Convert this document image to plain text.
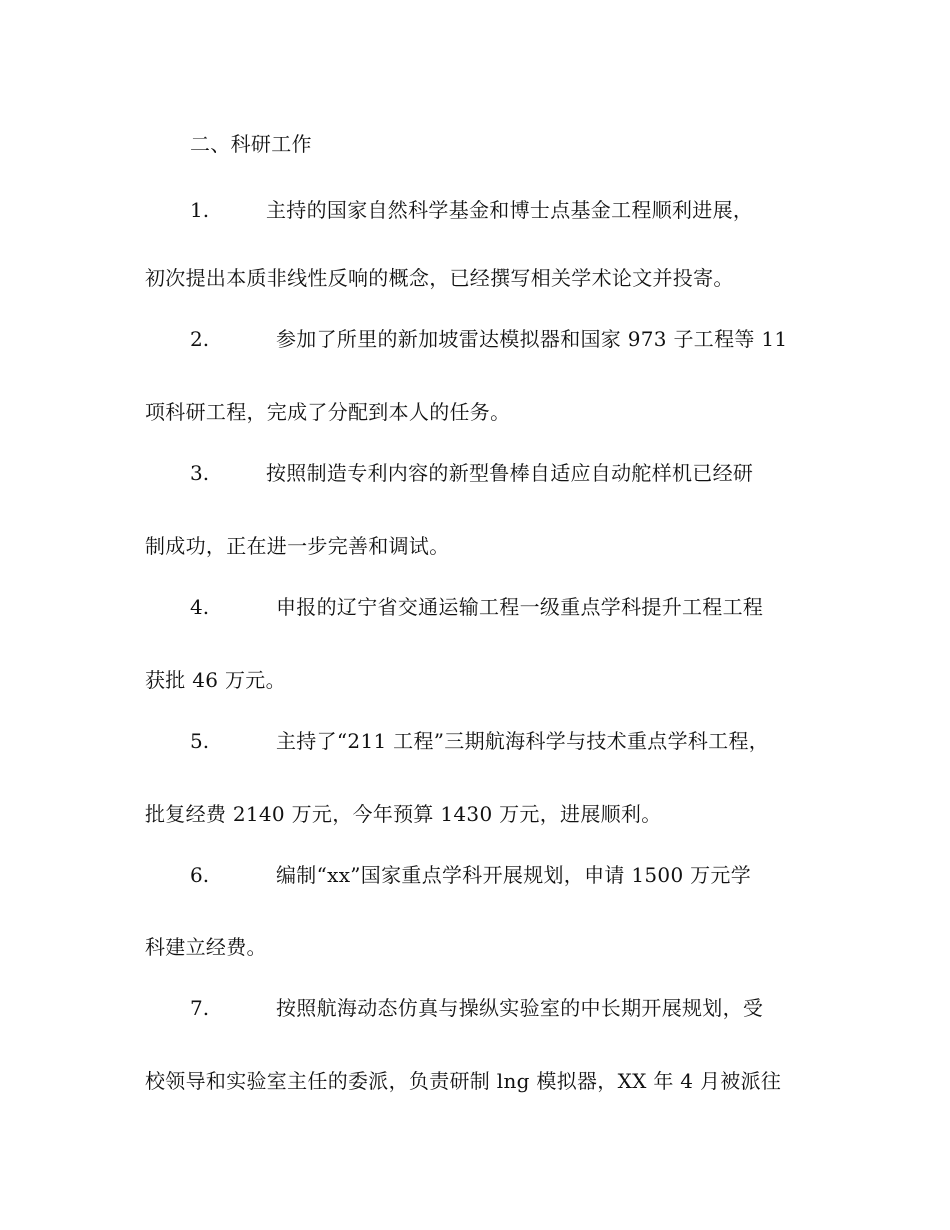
二、科研工作
1.	主持的国家自然科学基金和博士点基金工程顺利进展，
初次提出本质非线性反响的概念，已经撰写相关学术论文并投寄。
2.	参加了所里的新加坡雷达模拟器和国家 973 子工程等 11
项科研工程，完成了分配到本人的任务。
3.	按照制造专利内容的新型鲁棒自适应自动舵样机已经研
制成功，正在进一步完善和调试。
4.	申报的辽宁省交通运输工程一级重点学科提升工程工程
获批 46 万元。
5.	主持了“211 工程”三期航海科学与技术重点学科工程，
批复经费 2140 万元，今年预算 1430 万元，进展顺利。
6.	编制“xx”国家重点学科开展规划，申请 1500 万元学
科建立经费。
7.	按照航海动态仿真与操纵实验室的中长期开展规划，受
校领导和实验室主任的委派，负责研制 lng 模拟器，XX 年 4 月被派往
